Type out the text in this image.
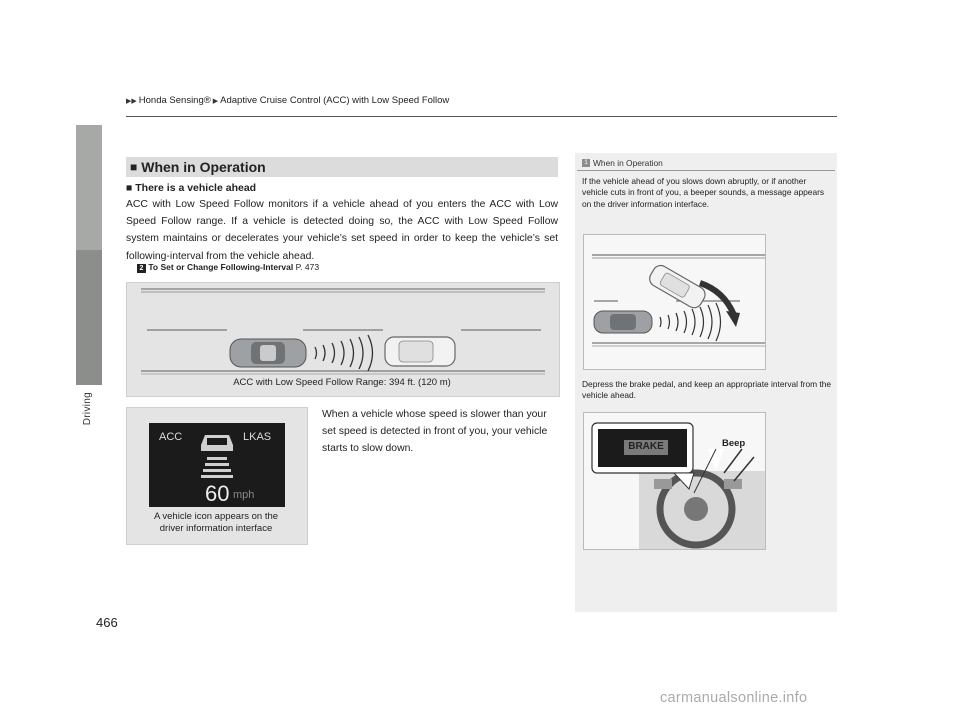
▶▶ Honda Sensing® ▶ Adaptive Cruise Control (ACC) with Low Speed Follow
Driving
■ When in Operation
■ There is a vehicle ahead
ACC with Low Speed Follow monitors if a vehicle ahead of you enters the ACC with Low Speed Follow range. If a vehicle is detected doing so, the ACC with Low Speed Follow system maintains or decelerates your vehicle’s set speed in order to keep the vehicle’s set following-interval from the vehicle ahead.
2 To Set or Change Following-Interval P. 473
ACC with Low Speed Follow Range: 394 ft. (120 m)
ACC	LKAS
60 mph
A vehicle icon appears on the
driver information interface
When a vehicle whose speed is slower than your set speed is detected in front of you, your vehicle starts to slow down.
1 When in Operation
If the vehicle ahead of you slows down abruptly, or if another vehicle cuts in front of you, a beeper sounds, a message appears on the driver information interface.
Depress the brake pedal, and keep an appropriate interval from the vehicle ahead.
BRAKE	Beep
466
carmanualsonline.info
